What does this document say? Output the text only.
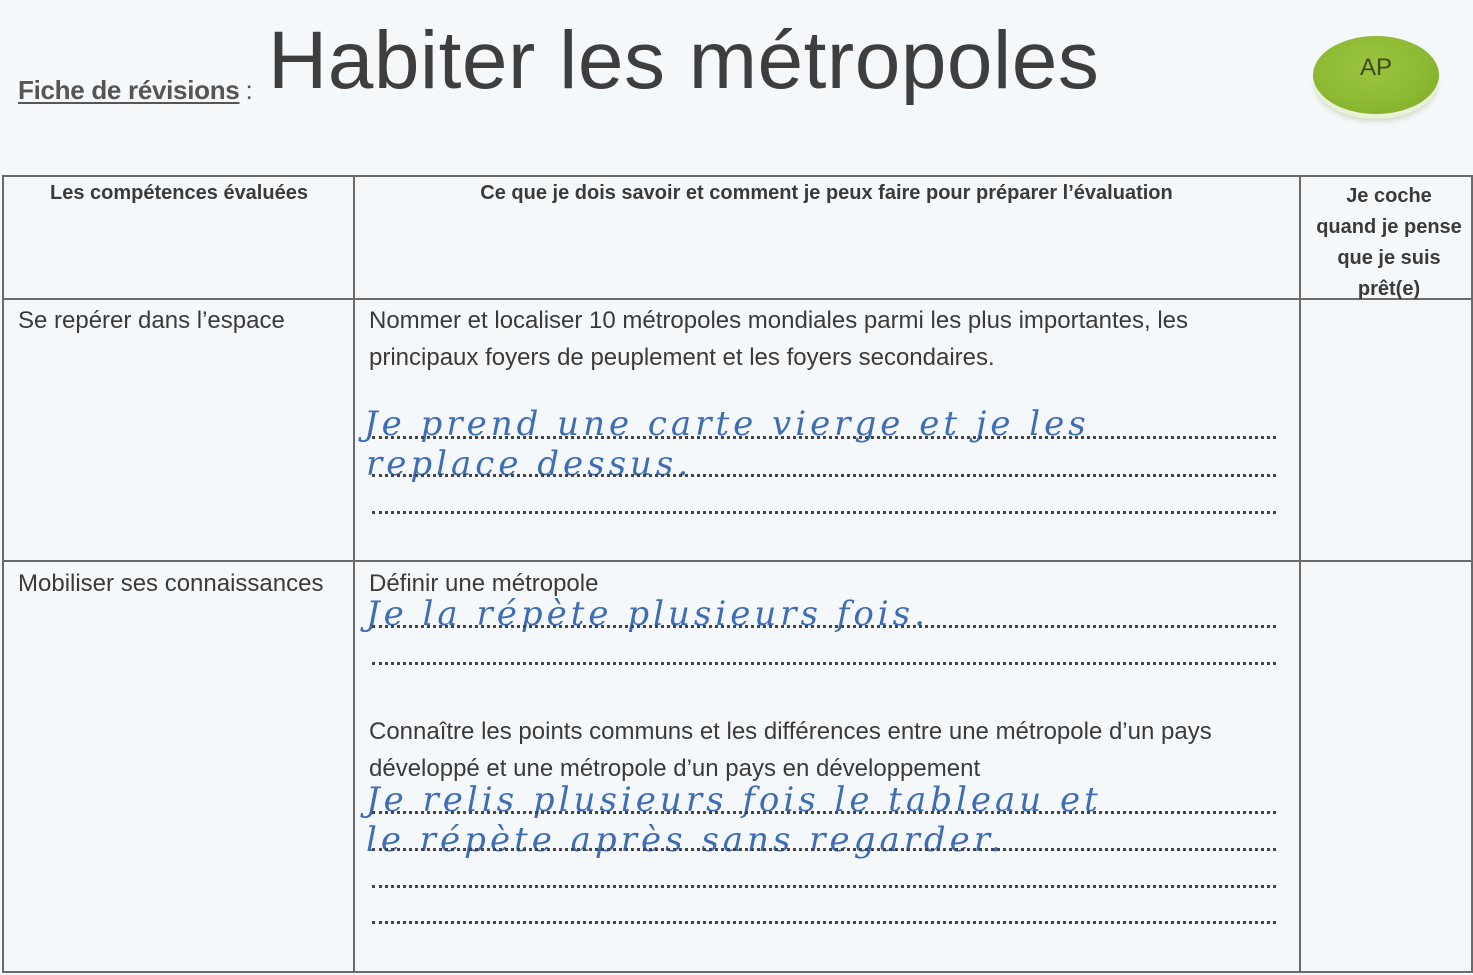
Fiche de révisions : Habiter les métropoles	AP
Les compétences évaluées	Ce que je dois savoir et comment je peux faire pour préparer l’évaluation	Je coche quand je pense que je suis prêt(e)
Se repérer dans l’espace	Nommer et localiser 10 métropoles mondiales parmi les plus importantes, les principaux foyers de peuplement et les foyers secondaires.
Je prend une carte vierge et je les
replace dessus.
Mobiliser ses connaissances	Définir une métropole
Je la répète plusieurs fois.
Connaître les points communs et les différences entre une métropole d’un pays développé et une métropole d’un pays en développement
Je relis plusieurs fois le tableau et
le répète après sans regarder.
